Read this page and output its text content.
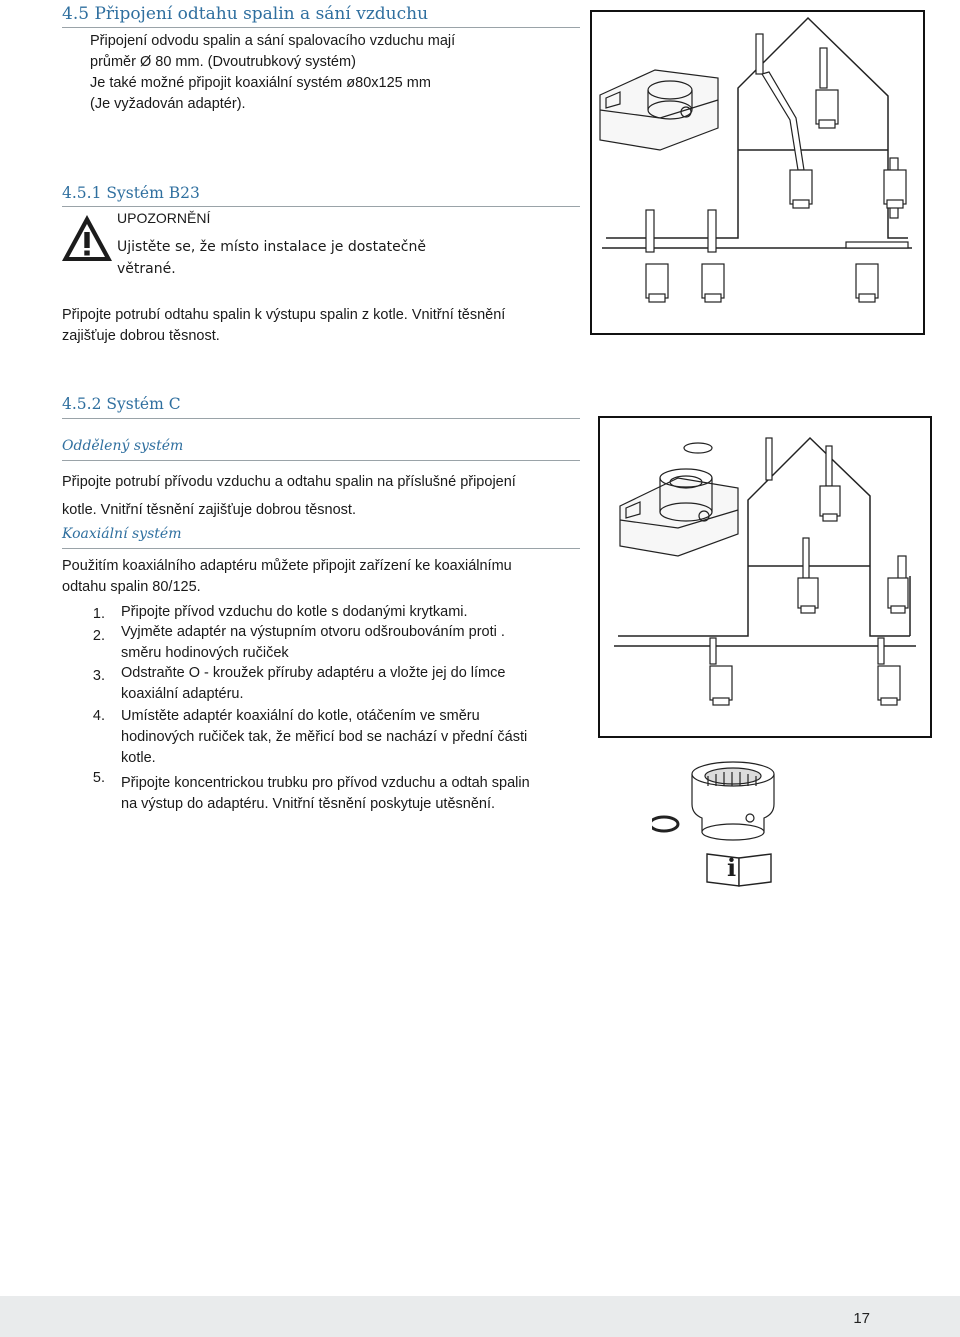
4.5 Připojení odtahu spalin a sání vzduchu
Připojení odvodu spalin a sání spalovacího vzduchu mají
průměr Ø 80 mm. (Dvoutrubkový systém)
Je také možné připojit koaxiální systém ø80x125 mm
(Je vyžadován adaptér).
4.5.1 Systém B23
UPOZORNĚNÍ
Ujistěte se, že místo instalace je dostatečně
větrané.
Připojte potrubí odtahu spalin k výstupu spalin z kotle. Vnitřní těsnění
zajišťuje dobrou těsnost.
4.5.2 Systém C
Oddělený systém
Připojte potrubí přívodu vzduchu a odtahu spalin na příslušné připojení
kotle. Vnitřní těsnění zajišťuje dobrou těsnost.
Koaxiální systém
Použitím koaxiálního adaptéru můžete připojit zařízení ke koaxiálnímu
odtahu spalin 80/125.
1. Připojte přívod vzduchu do kotle s dodanými krytkami.
2. Vyjměte adaptér na výstupním otvoru odšroubováním proti .
směru hodinových ručiček
3. Odstraňte O - kroužek příruby adaptéru a vložte jej do límce
koaxiální adaptéru.
4. Umístěte adaptér koaxiální do kotle, otáčením ve směru
hodinových ručiček tak, že měřicí bod se nachází v přední části
kotle.
5. Připojte koncentrickou trubku pro přívod vzduchu a odtah spalin
na výstup do adaptéru. Vnitřní těsnění poskytuje utěsnění.
i
17
